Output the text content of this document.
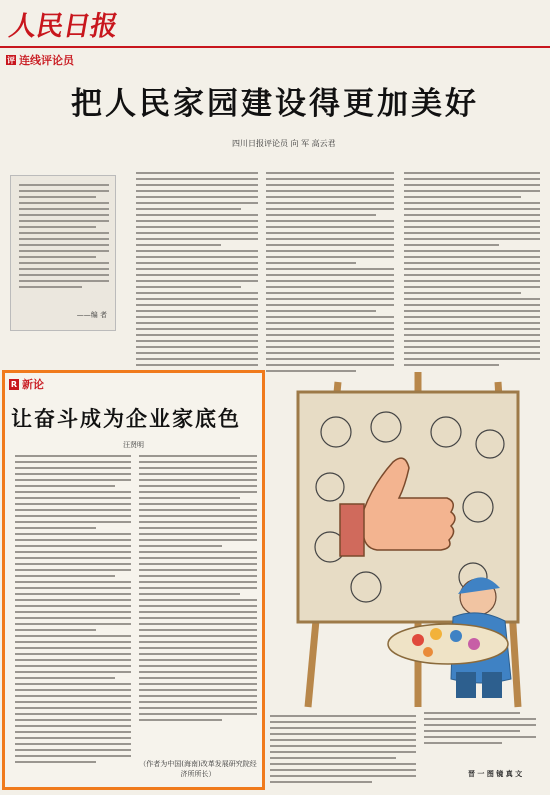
人民日报
评 连线评论员
把人民家园建设得更加美好
四川日报评论员 向 军 高云君
——编 者
R 新论
让奋斗成为企业家底色
汪贤明
（作者为中国(海南)改革发展研究院经济所所长）	晋 一 图 镜 真 文
